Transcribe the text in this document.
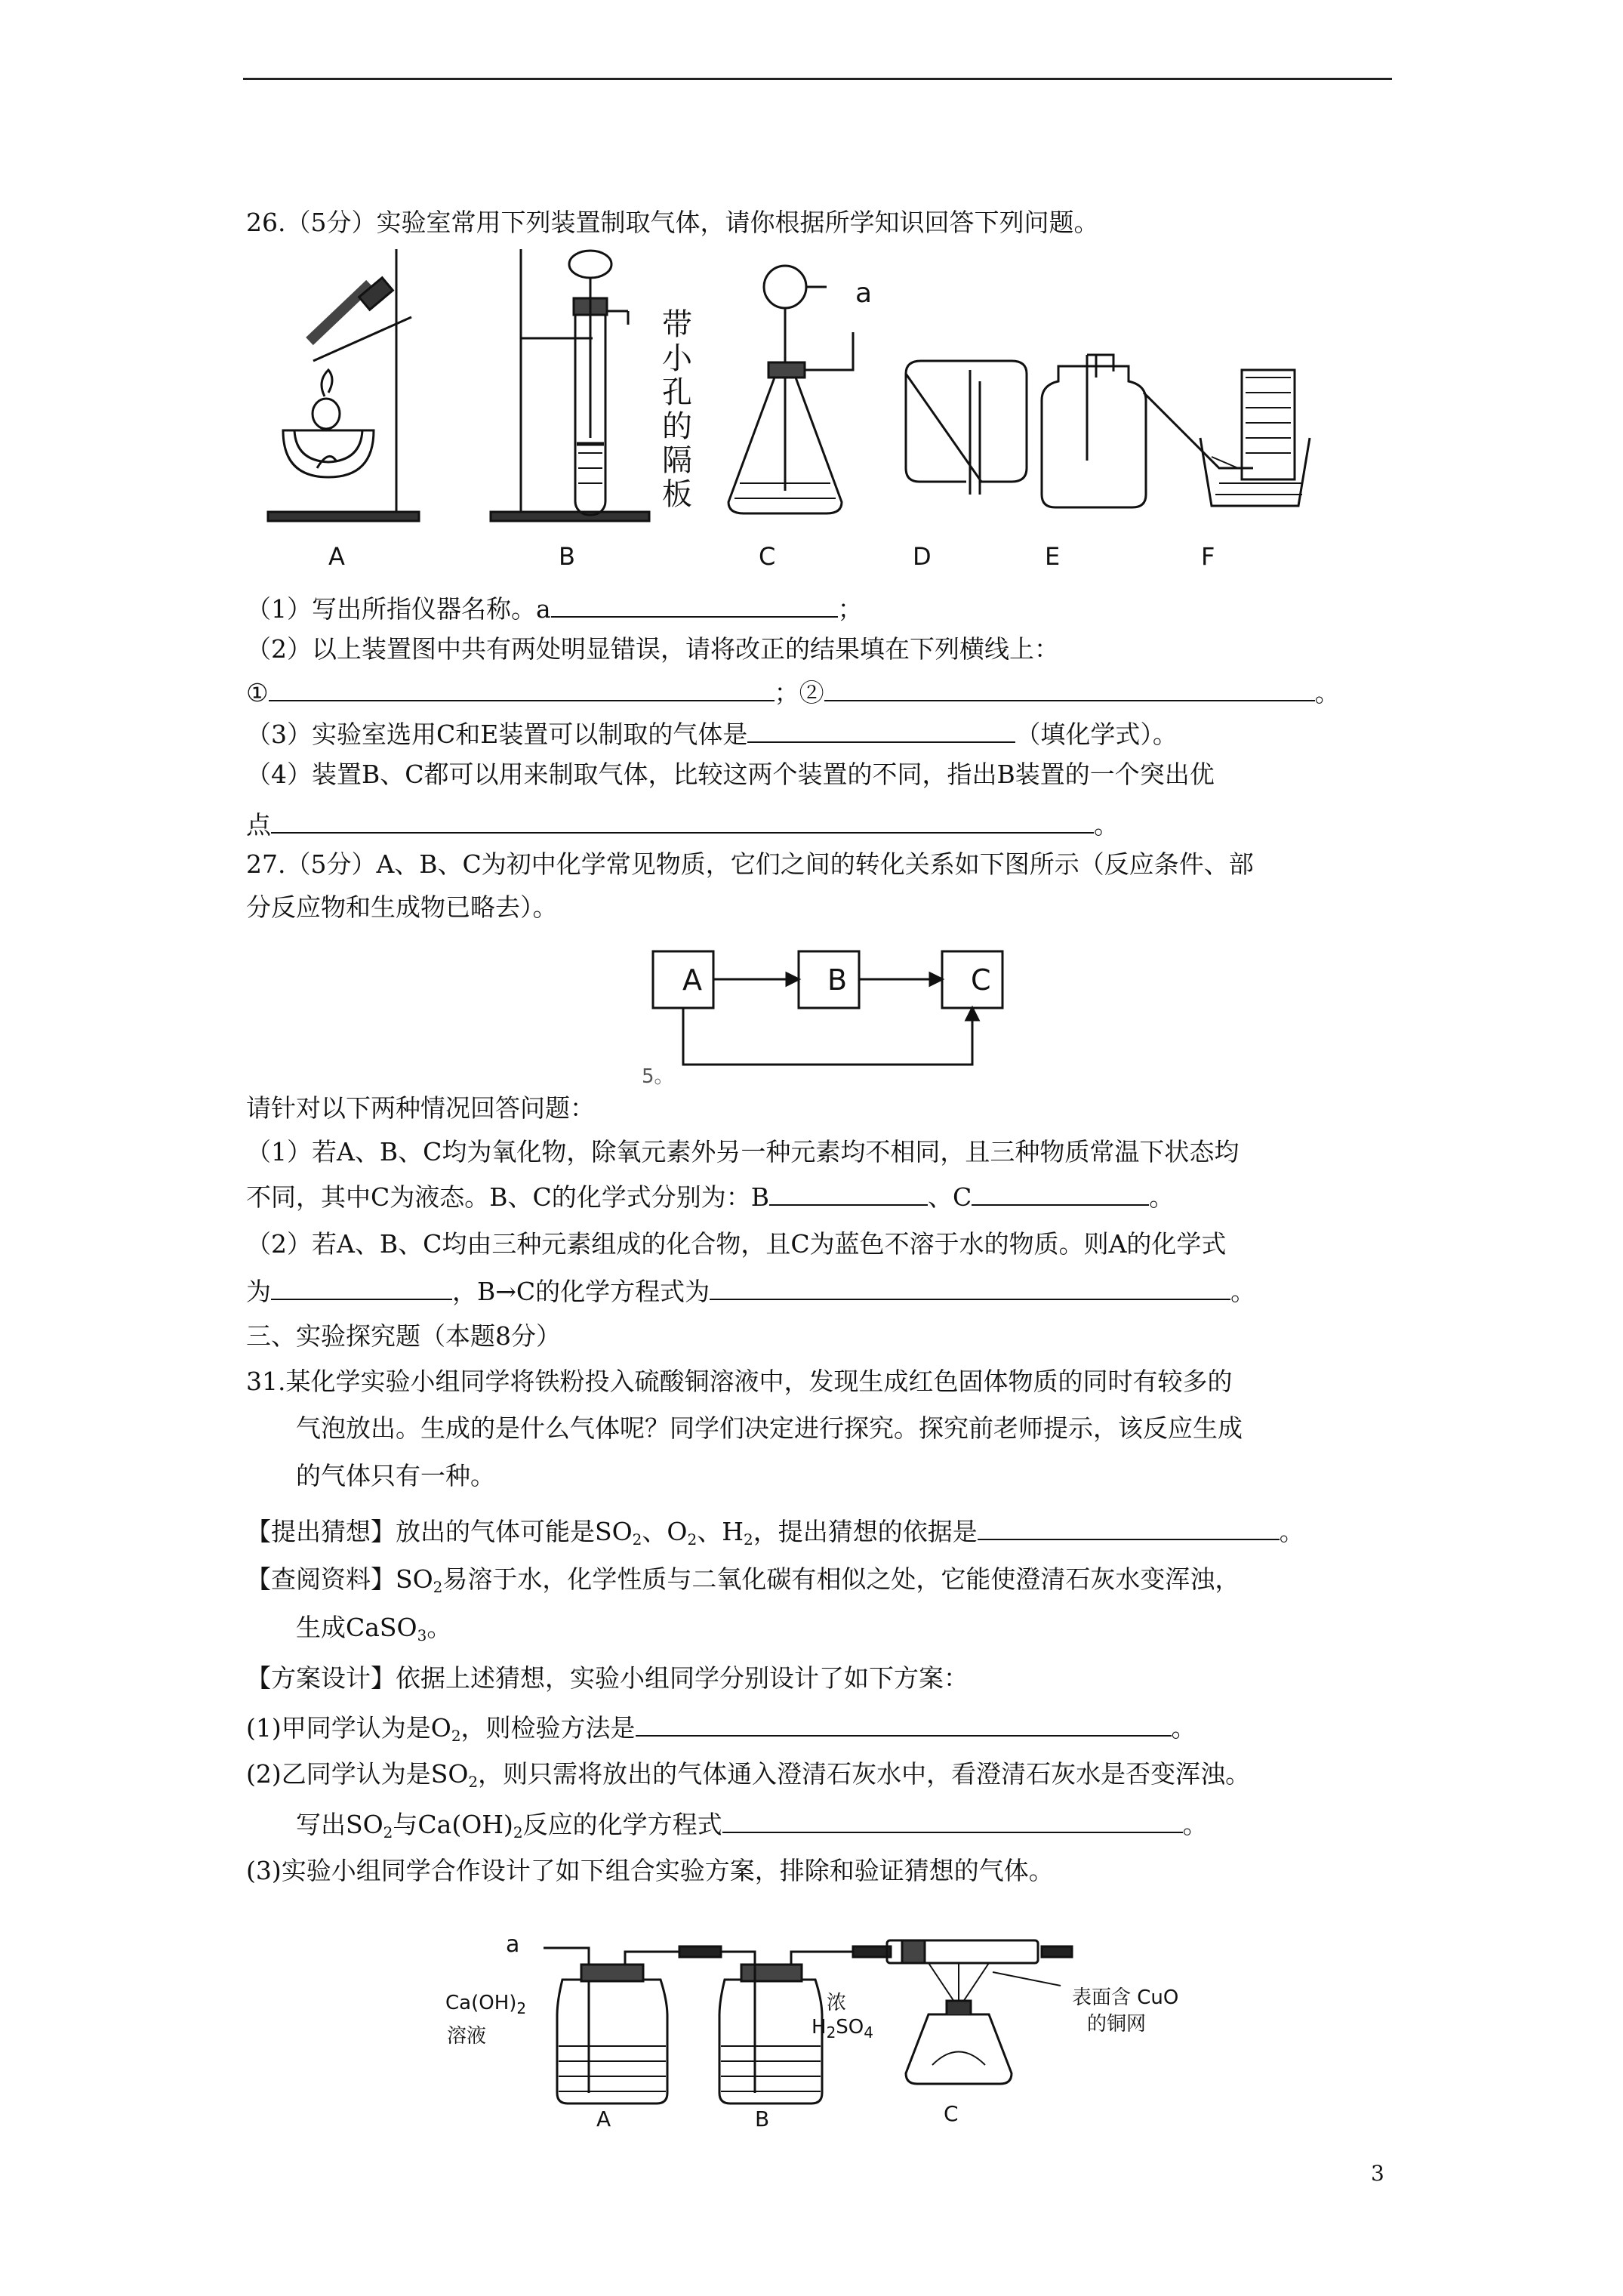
26.（5分）实验室常用下列装置制取气体，请你根据所学知识回答下列问题。
带小孔的隔板
a
A	B	C	D	E	F
（1）写出所指仪器名称。a	；
（2）以上装置图中共有两处明显错误，请将改正的结果填在下列横线上：
①	；②	。
（3）实验室选用C和E装置可以制取的气体是	（填化学式）。
（4）装置B、C都可以用来制取气体，比较这两个装置的不同，指出B装置的一个突出优
点	。
27.（5分）A、B、C为初中化学常见物质，它们之间的转化关系如下图所示（反应条件、部
分反应物和生成物已略去）。
A	B	C
5。
请针对以下两种情况回答问题：
（1）若A、B、C均为氧化物，除氧元素外另一种元素均不相同，且三种物质常温下状态均
不同，其中C为液态。B、C的化学式分别为：B	、C	。
（2）若A、B、C均由三种元素组成的化合物，且C为蓝色不溶于水的物质。则A的化学式
为	，B→C的化学方程式为	。
三、实验探究题（本题8分）
31.某化学实验小组同学将铁粉投入硫酸铜溶液中，发现生成红色固体物质的同时有较多的
气泡放出。生成的是什么气体呢？同学们决定进行探究。探究前老师提示，该反应生成
的气体只有一种。
【提出猜想】放出的气体可能是$SO_2$、$O_2$、$H_2$，提出猜想的依据是	。
【查阅资料】$SO_2$易溶于水，化学性质与二氧化碳有相似之处，它能使澄清石灰水变浑浊，
生成CaSO$_3$。
【方案设计】依据上述猜想，实验小组同学分别设计了如下方案：
(1)甲同学认为是$O_2$，则检验方法是	。
(2)乙同学认为是$SO_2$，则只需将放出的气体通入澄清石灰水中，看澄清石灰水是否变浑浊。
写出$SO_2$与$Ca(OH)_2$反应的化学方程式	。
(3)实验小组同学合作设计了如下组合实验方案，排除和验证猜想的气体。
a
$Ca(OH)_2$
溶液
浓
$H_2SO_4$
表面含 CuO
的铜网
A	B	C
3
